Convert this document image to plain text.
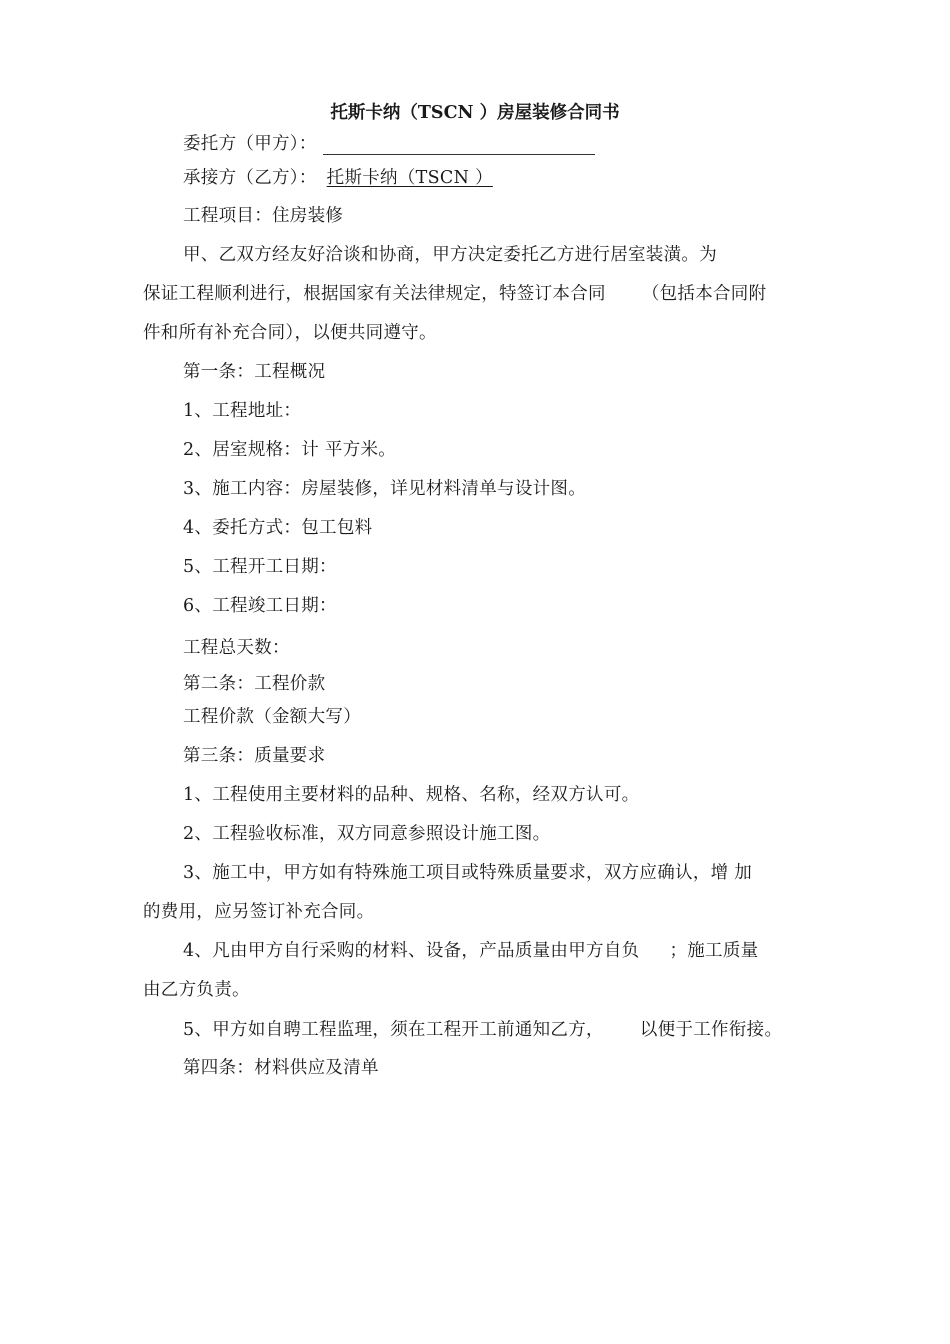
托斯卡纳（TSCN ）房屋装修合同书
委托方（甲方）：
承接方（乙方）： 托斯卡纳（TSCN ）
工程项目：住房装修
甲、乙双方经友好洽谈和协商，甲方决定委托乙方进行居室装潢。为
保证工程顺利进行，根据国家有关法律规定，特签订本合同 （包括本合同附
件和所有补充合同），以便共同遵守。
第一条：工程概况
1、工程地址：
2、居室规格：计 平方米。
3、施工内容：房屋装修，详见材料清单与设计图。
4、委托方式：包工包料
5、工程开工日期：
6、工程竣工日期：
工程总天数：
第二条：工程价款
工程价款（金额大写）
第三条：质量要求
1、工程使用主要材料的品种、规格、名称，经双方认可。
2、工程验收标准，双方同意参照设计施工图。
3、施工中，甲方如有特殊施工项目或特殊质量要求，双方应确认，增 加
的费用，应另签订补充合同。
4、凡由甲方自行采购的材料、设备，产品质量由甲方自负 ；施工质量
由乙方负责。
5、甲方如自聘工程监理，须在工程开工前通知乙方， 以便于工作衔接。
第四条：材料供应及清单
